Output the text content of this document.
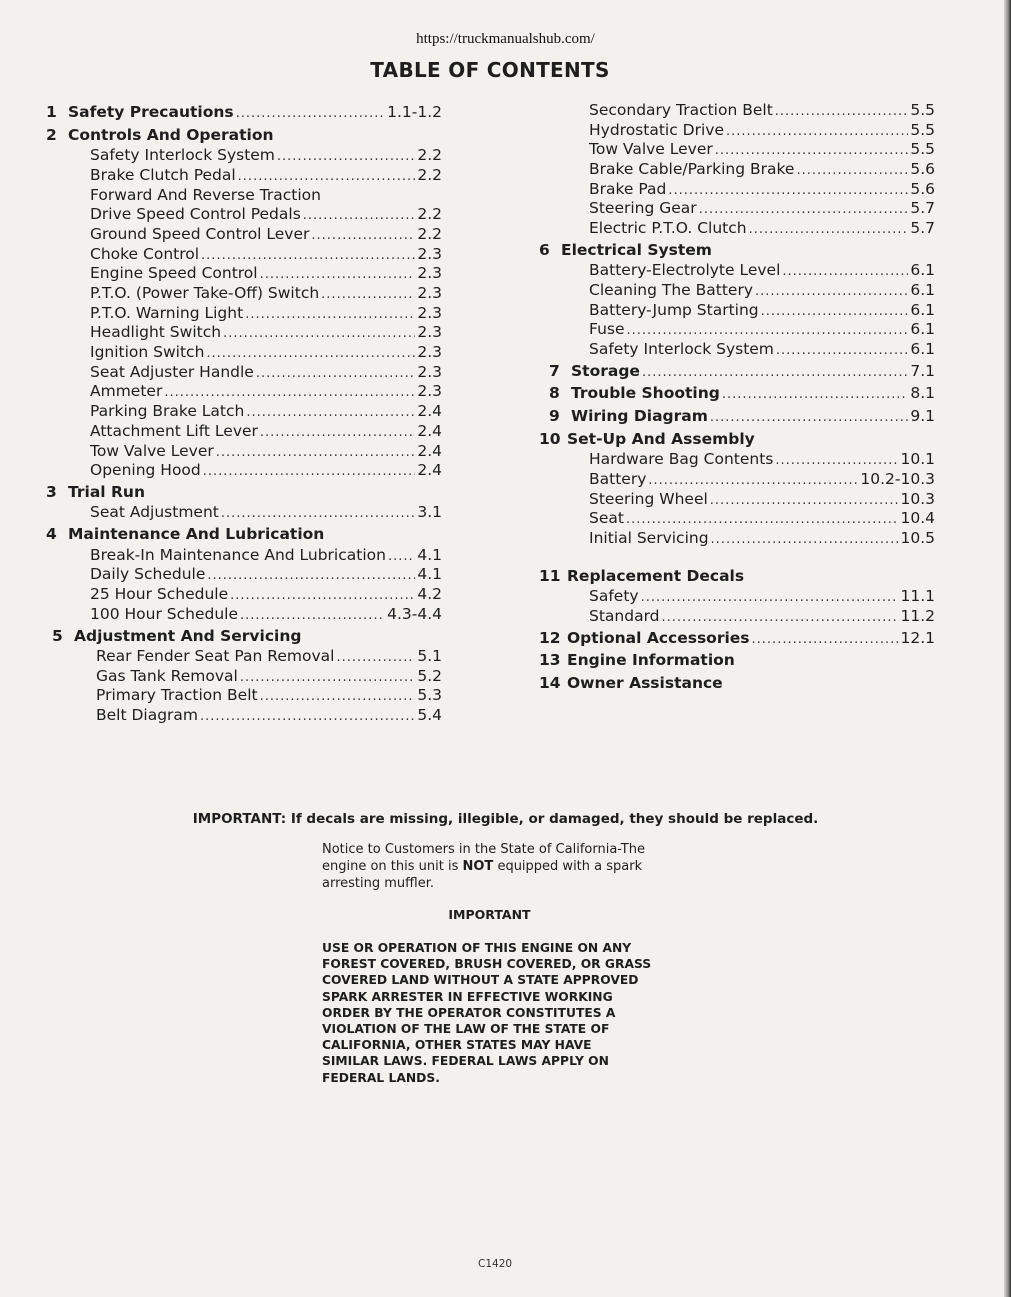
https://truckmanualshub.com/
TABLE OF CONTENTS
1 Safety Precautions .....	1.1-1.2
2 Controls And Operation
Safety Interlock System .....	2.2
Brake Clutch Pedal .....	2.2
Forward And Reverse Traction
Drive Speed Control Pedals .....	2.2
Ground Speed Control Lever .....	2.2
Choke Control .....	2.3
Engine Speed Control .....	2.3
P.T.O. (Power Take-Off) Switch .....	2.3
P.T.O. Warning Light .....	2.3
Headlight Switch .....	2.3
Ignition Switch .....	2.3
Seat Adjuster Handle .....	2.3
Ammeter .....	2.3
Parking Brake Latch .....	2.4
Attachment Lift Lever .....	2.4
Tow Valve Lever .....	2.4
Opening Hood .....	2.4
3 Trial Run
Seat Adjustment .....	3.1
4 Maintenance And Lubrication
Break-In Maintenance And Lubrication ..... 4.1
Daily Schedule .....	4.1
25 Hour Schedule .....	4.2
100 Hour Schedule .....	4.3-4.4
5 Adjustment And Servicing
Rear Fender Seat Pan Removal .....	5.1
Gas Tank Removal .....	5.2
Primary Traction Belt .....	5.3
Belt Diagram .....	5.4
Secondary Traction Belt .....	5.5
Hydrostatic Drive .....	5.5
Tow Valve Lever .....	5.5
Brake Cable/Parking Brake .....	5.6
Brake Pad .....	5.6
Steering Gear .....	5.7
Electric P.T.O. Clutch .....	5.7
6 Electrical System
Battery-Electrolyte Level .....	6.1
Cleaning The Battery .....	6.1
Battery-Jump Starting .....	6.1
Fuse .....	6.1
Safety Interlock System .....	6.1
7 Storage .....	7.1
8 Trouble Shooting .....	8.1
9 Wiring Diagram .....	9.1
10 Set-Up And Assembly
Hardware Bag Contents .....	10.1
Battery .....	10.2-10.3
Steering Wheel .....	10.3
Seat .....	10.4
Initial Servicing .....	10.5
11 Replacement Decals
Safety .....	11.1
Standard .....	11.2
12 Optional Accessories .....	12.1
13 Engine Information
14 Owner Assistance
IMPORTANT: If decals are missing, illegible, or damaged, they should be replaced.
Notice to Customers in the State of California-The engine on this unit is NOT equipped with a spark arresting muffler.
IMPORTANT
USE OR OPERATION OF THIS ENGINE ON ANY FOREST COVERED, BRUSH COVERED, OR GRASS COVERED LAND WITHOUT A STATE APPROVED SPARK ARRESTER IN EFFECTIVE WORKING ORDER BY THE OPERATOR CONSTITUTES A VIOLATION OF THE LAW OF THE STATE OF CALIFORNIA, OTHER STATES MAY HAVE SIMILAR LAWS. FEDERAL LAWS APPLY ON FEDERAL LANDS.
C1420
